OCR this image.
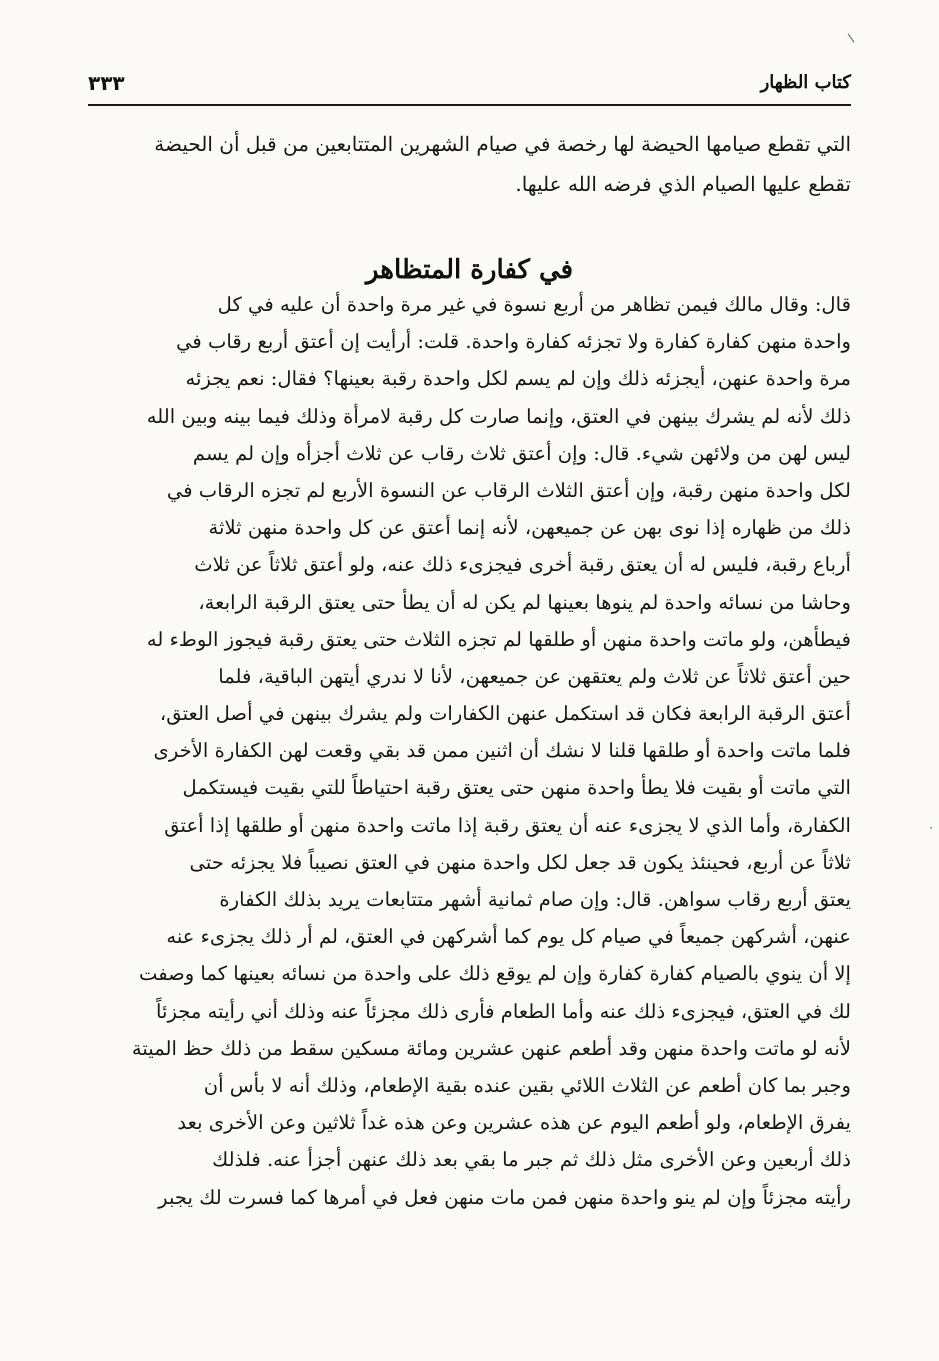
\
·
كتاب الظهار
٣٣٣
التي تقطع صيامها الحيضة لها رخصة في صيام الشهرين المتتابعين من قبل أن الحيضة
تقطع عليها الصيام الذي فرضه الله عليها.
في كفارة المتظاهر
قال: وقال مالك فيمن تظاهر من أربع نسوة في غير مرة واحدة أن عليه في كل
واحدة منهن كفارة كفارة ولا تجزئه كفارة واحدة. قلت: أرأيت إن أعتق أربع رقاب في
مرة واحدة عنهن، أيجزئه ذلك وإن لم يسم لكل واحدة رقبة بعينها؟ فقال: نعم يجزئه
ذلك لأنه لم يشرك بينهن في العتق، وإنما صارت كل رقبة لامرأة وذلك فيما بينه وبين الله
ليس لهن من ولائهن شيء. قال: وإن أعتق ثلاث رقاب عن ثلاث أجزأه وإن لم يسم
لكل واحدة منهن رقبة، وإن أعتق الثلاث الرقاب عن النسوة الأربع لم تجزه الرقاب في
ذلك من ظهاره إذا نوى بهن عن جميعهن، لأنه إنما أعتق عن كل واحدة منهن ثلاثة
أرباع رقبة، فليس له أن يعتق رقبة أخرى فيجزىء ذلك عنه، ولو أعتق ثلاثاً عن ثلاث
وحاشا من نسائه واحدة لم ينوها بعينها لم يكن له أن يطأ حتى يعتق الرقبة الرابعة،
فيطأهن، ولو ماتت واحدة منهن أو طلقها لم تجزه الثلاث حتى يعتق رقبة فيجوز الوطء له
حين أعتق ثلاثاً عن ثلاث ولم يعتقهن عن جميعهن، لأنا لا ندري أيتهن الباقية، فلما
أعتق الرقبة الرابعة فكان قد استكمل عنهن الكفارات ولم يشرك بينهن في أصل العتق،
فلما ماتت واحدة أو طلقها قلنا لا نشك أن اثنين ممن قد بقي وقعت لهن الكفارة الأخرى
التي ماتت أو بقيت فلا يطأ واحدة منهن حتى يعتق رقبة احتياطاً للتي بقيت فيستكمل
الكفارة، وأما الذي لا يجزىء عنه أن يعتق رقبة إذا ماتت واحدة منهن أو طلقها إذا أعتق
ثلاثاً عن أربع، فحينئذ يكون قد جعل لكل واحدة منهن في العتق نصيباً فلا يجزئه حتى
يعتق أربع رقاب سواهن. قال: وإن صام ثمانية أشهر متتابعات يريد بذلك الكفارة
عنهن، أشركهن جميعاً في صيام كل يوم كما أشركهن في العتق، لم أر ذلك يجزىء عنه
إلا أن ينوي بالصيام كفارة كفارة وإن لم يوقع ذلك على واحدة من نسائه بعينها كما وصفت
لك في العتق، فيجزىء ذلك عنه وأما الطعام فأرى ذلك مجزئاً عنه وذلك أني رأيته مجزئاً
لأنه لو ماتت واحدة منهن وقد أطعم عنهن عشرين ومائة مسكين سقط من ذلك حظ الميتة
وجبر بما كان أطعم عن الثلاث اللائي بقين عنده بقية الإطعام، وذلك أنه لا بأس أن
يفرق الإطعام، ولو أطعم اليوم عن هذه عشرين وعن هذه غداً ثلاثين وعن الأخرى بعد
ذلك أربعين وعن الأخرى مثل ذلك ثم جبر ما بقي بعد ذلك عنهن أجزأ عنه. فلذلك
رأيته مجزئاً وإن لم ينو واحدة منهن فمن مات منهن فعل في أمرها كما فسرت لك يجبر
